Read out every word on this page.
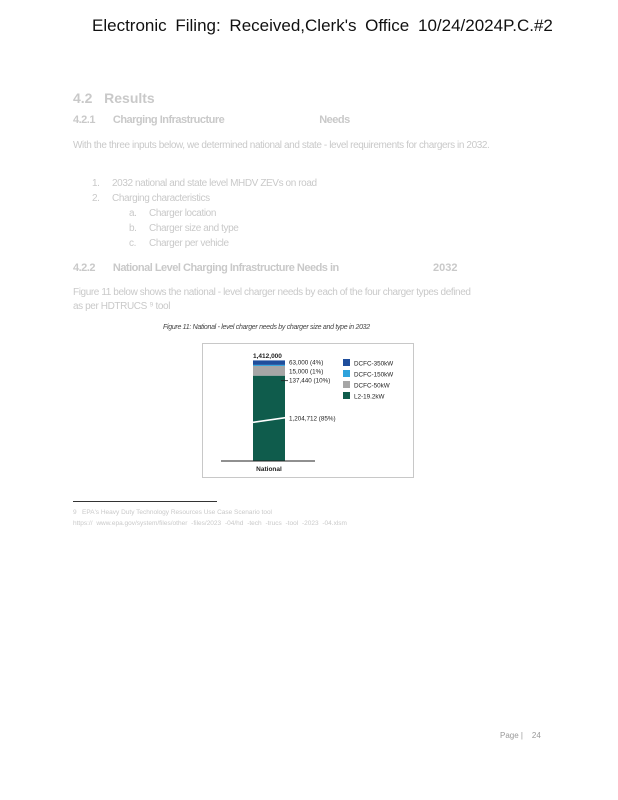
Electronic Filing: Received,Clerk's Office 10/24/2024P.C.#2
4.2 Results
4.2.1 Charging Infrastructure	Needs
With the three inputs below, we determined national and state - level requirements for chargers in 2032.
1. 2032 national and state level MHDV ZEVs on road
2. Charging characteristics
a. Charger location
b. Charger size and type
c. Charger per vehicle
4.2.2 National Level Charging Infrastructure Needs in	2032
Figure 11 below shows the national - level charger needs by each of the four charger types defined as per HDTRUCS ⁹ tool
Figure 11: National - level charger needs by charger size and type in 2032
1,412,000
National
63,000 (4%)
15,000 (1%)
137,440 (10%)
1,204,712 (85%)
DCFC-350kW
DCFC-150kW
DCFC-50kW
L2-19.2kW
9 EPA's Heavy Duty Technology Resources Use Case Scenario tool
https:// www.epa.gov/system/files/other -files/2023 -04/hd -tech -trucs -tool -2023 -04.xlsm
Page | 24
